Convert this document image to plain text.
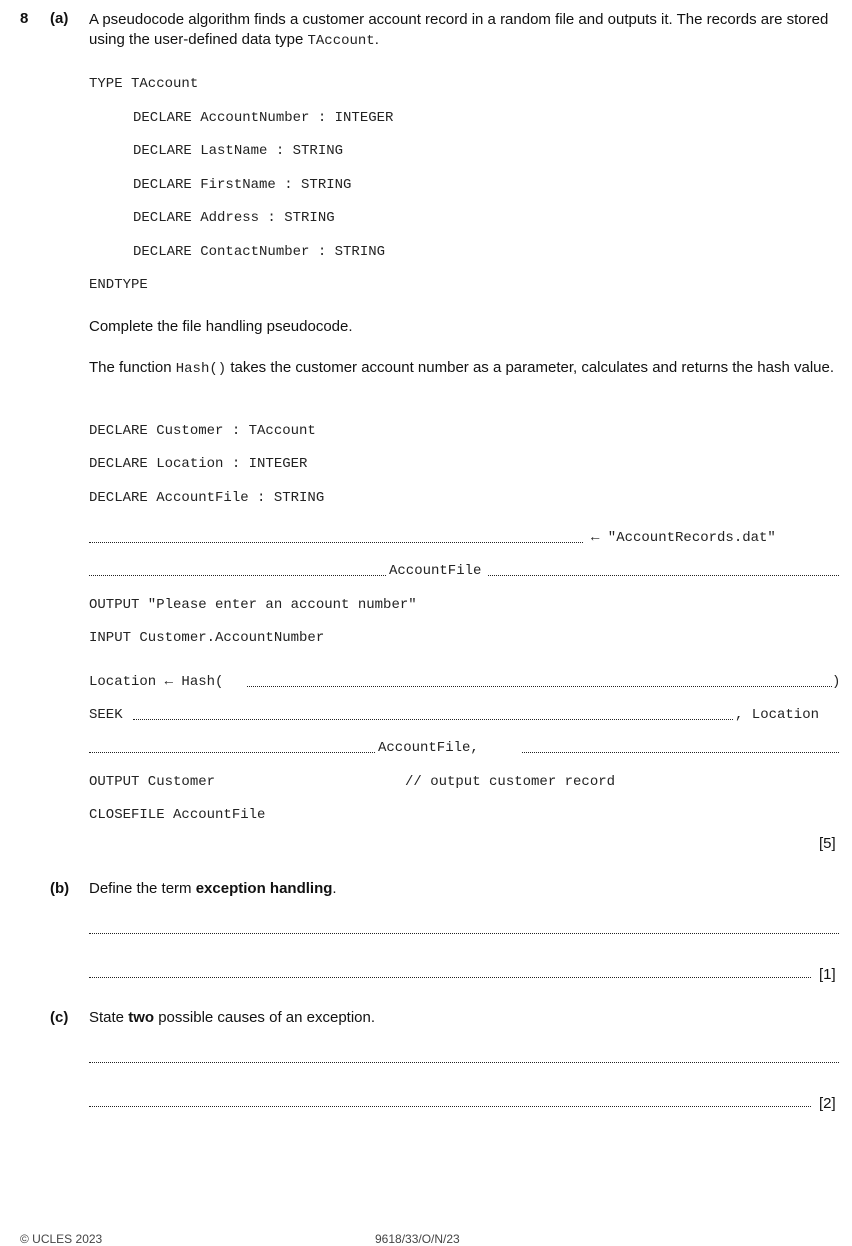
8 (a) A pseudocode algorithm finds a customer account record in a random file and outputs it. The records are stored using the user-defined data type TAccount.
TYPE TAccount
DECLARE AccountNumber : INTEGER
DECLARE LastName : STRING
DECLARE FirstName : STRING
DECLARE Address : STRING
DECLARE ContactNumber : STRING
ENDTYPE
Complete the file handling pseudocode.
The function Hash() takes the customer account number as a parameter, calculates and returns the hash value.
DECLARE Customer : TAccount
DECLARE Location : INTEGER
DECLARE AccountFile : STRING
← "AccountRecords.dat"
AccountFile
OUTPUT "Please enter an account number"
INPUT Customer.AccountNumber
Location ← Hash(	)
SEEK	, Location
AccountFile,
OUTPUT Customer	// output customer record
CLOSEFILE AccountFile
[5]
(b) Define the term exception handling.
[1]
(c) State two possible causes of an exception.
[2]
© UCLES 2023	9618/33/O/N/23
